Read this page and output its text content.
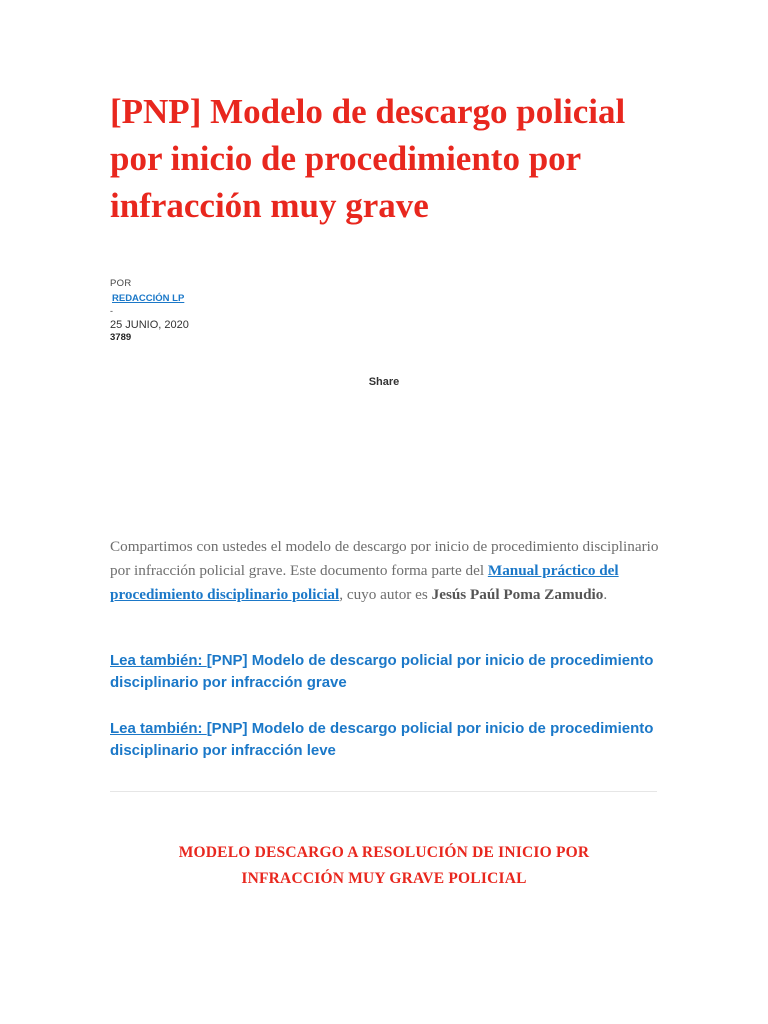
[PNP] Modelo de descargo policial por inicio de procedimiento por infracción muy grave
POR
REDACCIÓN LP
-
25 JUNIO, 2020
3789
Share

Compartimos con ustedes el modelo de descargo por inicio de procedimiento disciplinario por infracción policial grave. Este documento forma parte del Manual práctico del procedimiento disciplinario policial, cuyo autor es Jesús Paúl Poma Zamudio.

Lea también: [PNP] Modelo de descargo policial por inicio de procedimiento disciplinario por infracción grave

Lea también: [PNP] Modelo de descargo policial por inicio de procedimiento disciplinario por infracción leve

MODELO DESCARGO A RESOLUCIÓN DE INICIO POR
INFRACCIÓN MUY GRAVE POLICIAL
